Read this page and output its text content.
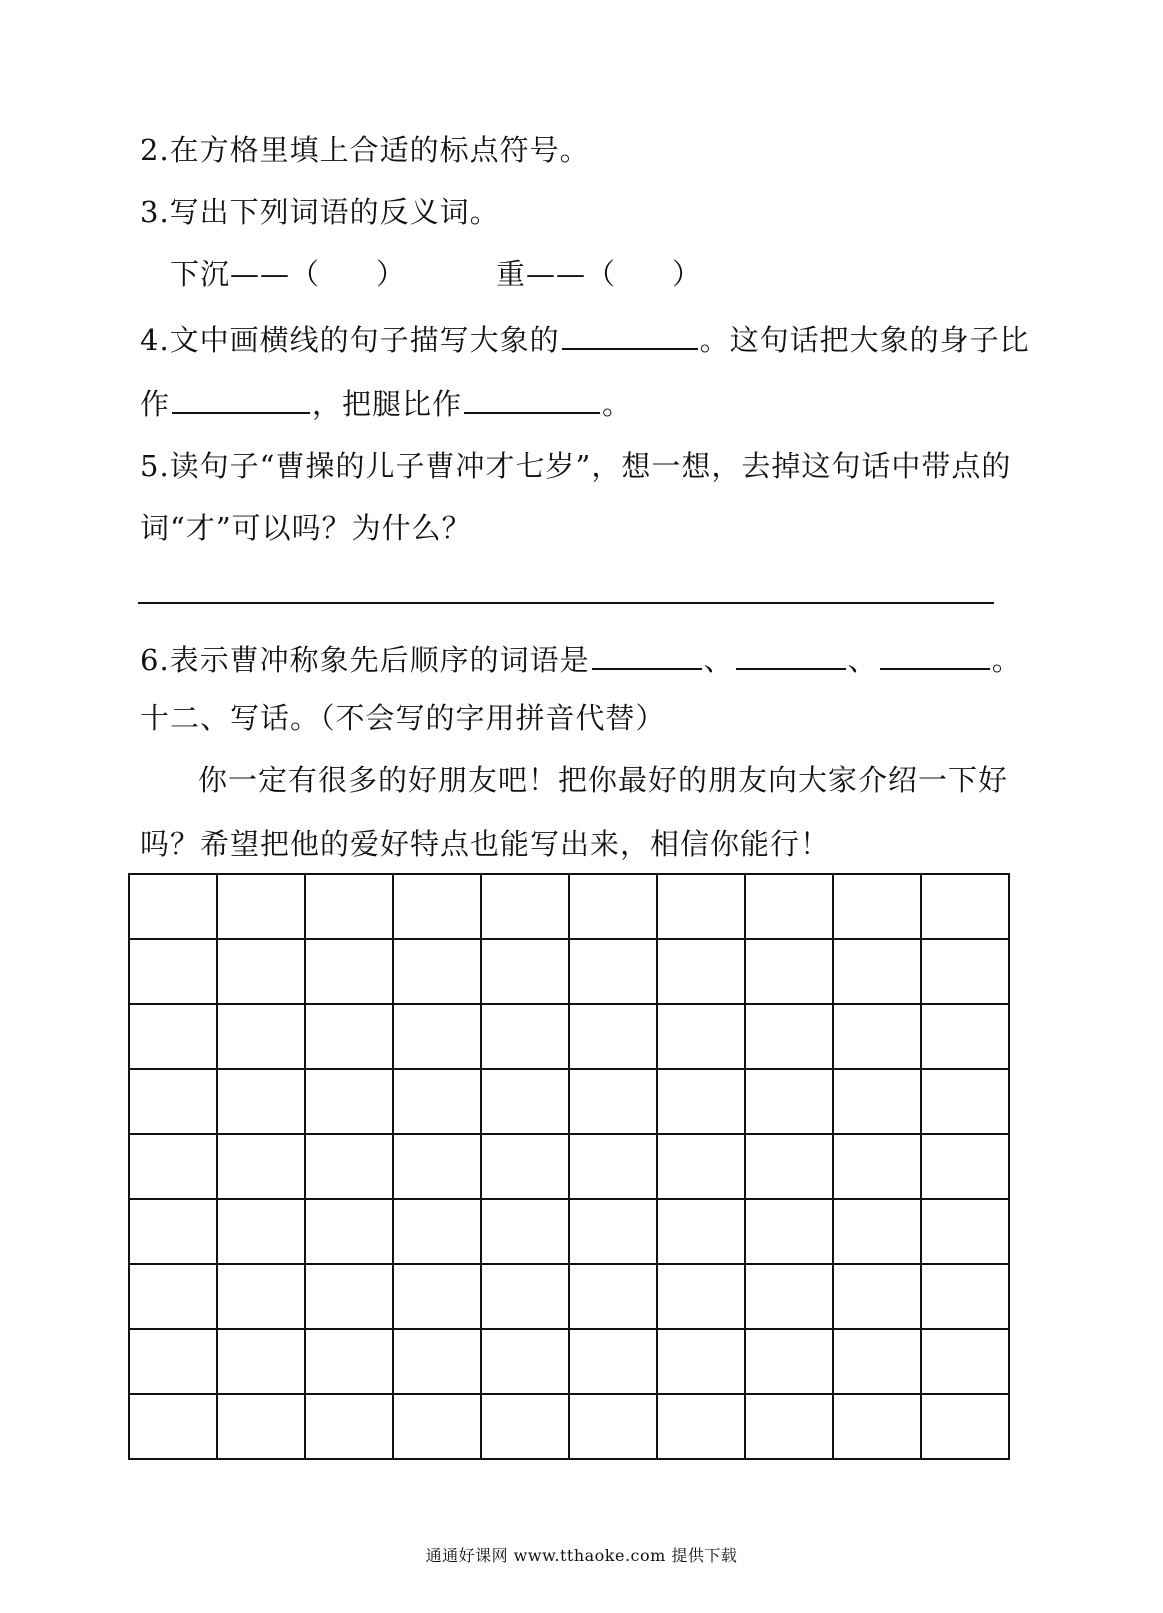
2.在方格里填上合适的标点符号。
3.写出下列词语的反义词。
下沉——（ ）	重——（ ）
4.文中画横线的句子描写大象的	。这句话把大象的身子比
作	，把腿比作	。
5.读句子“曹操的儿子曹冲才七岁”，想一想，去掉这句话中带点的
词“才”可以吗？为什么？
6.表示曹冲称象先后顺序的词语是	、	、	。
十二、写话。（不会写的字用拼音代替）
你一定有很多的好朋友吧！把你最好的朋友向大家介绍一下好
吗？希望把他的爱好特点也能写出来，相信你能行！

通通好课网 www.tthaoke.com 提供下载
